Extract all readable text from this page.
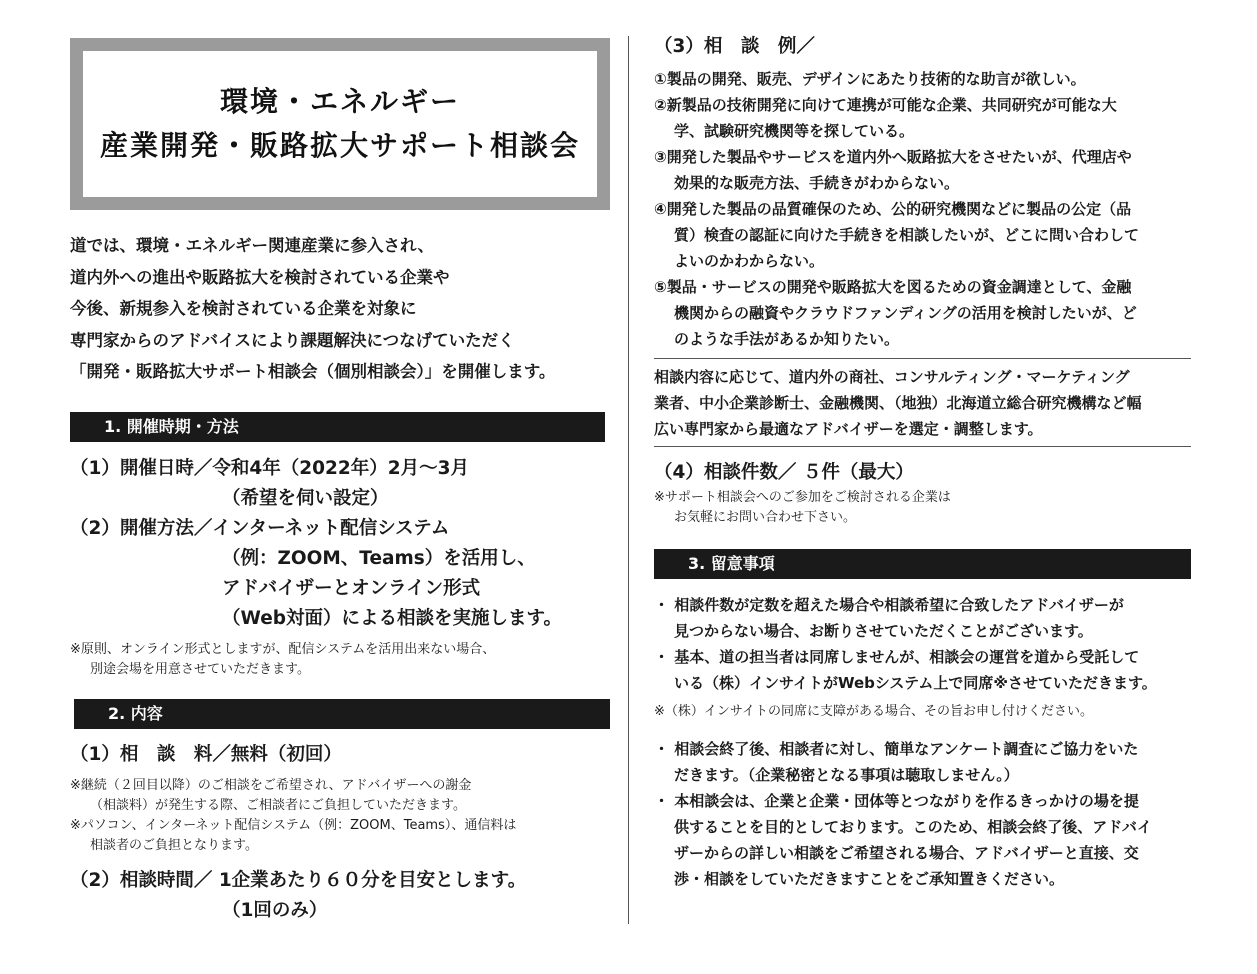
環境・エネルギー
産業開発・販路拡大サポート相談会
道では、環境・エネルギー関連産業に参入され、
道内外への進出や販路拡大を検討されている企業や
今後、新規参入を検討されている企業を対象に
専門家からのアドバイスにより課題解決につなげていただく
「開発・販路拡大サポート相談会（個別相談会）」を開催します。
1. 開催時期・方法
（1）開催日時／令和4年（2022年）2月～3月
（希望を伺い設定）
（2）開催方法／インターネット配信システム
（例：ZOOM、Teams）を活用し、
アドバイザーとオンライン形式
（Web対面）による相談を実施します。
※原則、オンライン形式としますが、配信システムを活用出来ない場合、
別途会場を用意させていただきます。
2. 内容
（1）相　談　料／無料（初回）
※継続（２回目以降）のご相談をご希望され、アドバイザーへの謝金
（相談料）が発生する際、ご相談者にご負担していただきます。
※パソコン、インターネット配信システム（例：ZOOM、Teams）、通信料は
相談者のご負担となります。
（2）相談時間／ 1企業あたり６０分を目安とします。
（1回のみ）
（3）相　談　例／
①製品の開発、販売、デザインにあたり技術的な助言が欲しい。
②新製品の技術開発に向けて連携が可能な企業、共同研究が可能な大
学、試験研究機関等を探している。
③開発した製品やサービスを道内外へ販路拡大をさせたいが、代理店や
効果的な販売方法、手続きがわからない。
④開発した製品の品質確保のため、公的研究機関などに製品の公定（品
質）検査の認証に向けた手続きを相談したいが、どこに問い合わして
よいのかわからない。
⑤製品・サービスの開発や販路拡大を図るための資金調達として、金融
機関からの融資やクラウドファンディングの活用を検討したいが、ど
のような手法があるか知りたい。
相談内容に応じて、道内外の商社、コンサルティング・マーケティング
業者、中小企業診断士、金融機関、（地独）北海道立総合研究機構など幅
広い専門家から最適なアドバイザーを選定・調整します。
（4）相談件数／ ５件（最大）
※サポート相談会へのご参加をご検討される企業は
お気軽にお問い合わせ下さい。
3. 留意事項
・ 相談件数が定数を超えた場合や相談希望に合致したアドバイザーが
見つからない場合、お断りさせていただくことがございます。
・ 基本、道の担当者は同席しませんが、相談会の運営を道から受託して
いる（株）インサイトがWebシステム上で同席※させていただきます。
※（株）インサイトの同席に支障がある場合、その旨お申し付けください。
・ 相談会終了後、相談者に対し、簡単なアンケート調査にご協力をいた
だきます。（企業秘密となる事項は聴取しません。）
・ 本相談会は、企業と企業・団体等とつながりを作るきっかけの場を提
供することを目的としております。このため、相談会終了後、アドバイ
ザーからの詳しい相談をご希望される場合、アドバイザーと直接、交
渉・相談をしていただきますことをご承知置きください。
